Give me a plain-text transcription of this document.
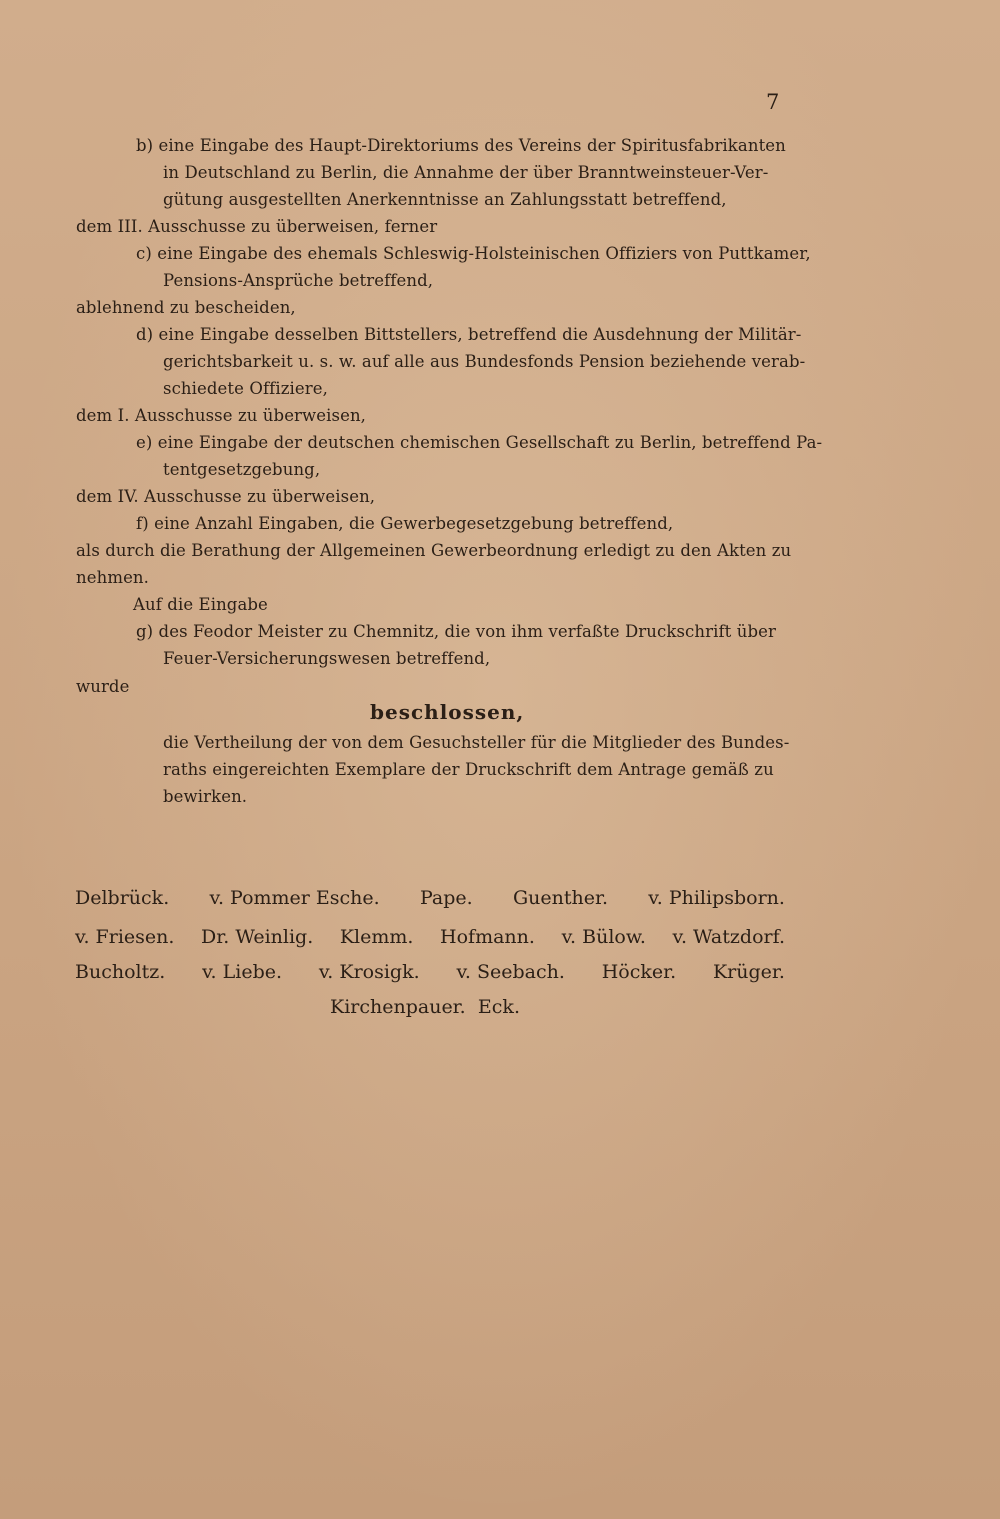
7
b) eine Eingabe des Haupt-Direktoriums des Vereins der Spiritusfabrikanten
in Deutschland zu Berlin, die Annahme der über Branntweinsteuer-Ver-
gütung ausgestellten Anerkenntnisse an Zahlungsstatt betreffend,
dem III. Ausschusse zu überweisen, ferner
c) eine Eingabe des ehemals Schleswig-Holsteinischen Offiziers von Puttkamer,
Pensions-Ansprüche betreffend,
ablehnend zu bescheiden,
d) eine Eingabe desselben Bittstellers, betreffend die Ausdehnung der Militär-
gerichtsbarkeit u. s. w. auf alle aus Bundesfonds Pension beziehende verab-
schiedete Offiziere,
dem I. Ausschusse zu überweisen,
e) eine Eingabe der deutschen chemischen Gesellschaft zu Berlin, betreffend Pa-
tentgesetzgebung,
dem IV. Ausschusse zu überweisen,
f) eine Anzahl Eingaben, die Gewerbegesetzgebung betreffend,
als durch die Berathung der Allgemeinen Gewerbeordnung erledigt zu den Akten zu
nehmen.
Auf die Eingabe
g) des Feodor Meister zu Chemnitz, die von ihm verfaßte Druckschrift über
Feuer-Versicherungswesen betreffend,
wurde
beschlossen,
die Vertheilung der von dem Gesuchsteller für die Mitglieder des Bundes-
raths eingereichten Exemplare der Druckschrift dem Antrage gemäß zu
bewirken.
Delbrück. v. Pommer Esche. Pape. Guenther. v. Philipsborn.
v. Friesen. Dr. Weinlig. Klemm. Hofmann. v. Bülow. v. Watzdorf.
Bucholtz. v. Liebe. v. Krosigk. v. Seebach. Höcker. Krüger.
Kirchenpauer. Eck.
